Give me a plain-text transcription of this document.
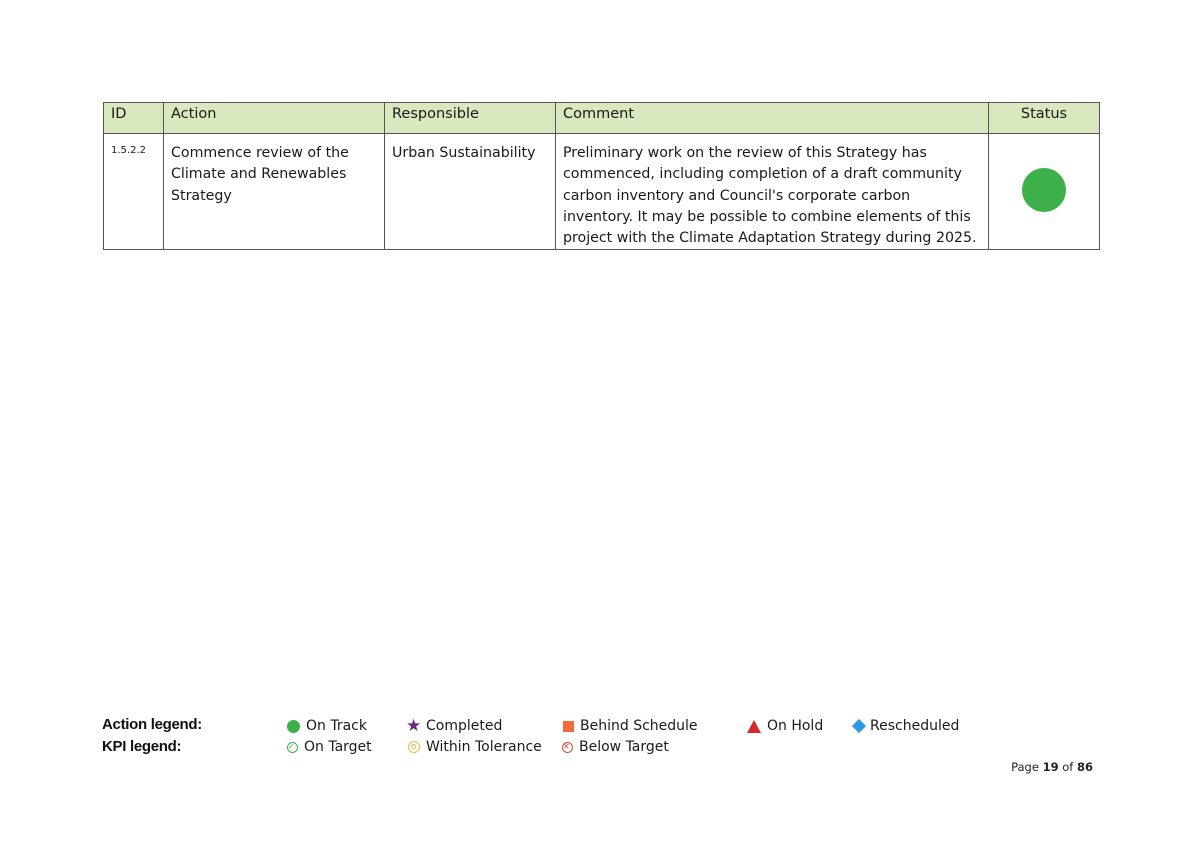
ID	Action	Responsible	Comment	Status
1.5.2.2	Commence review of the Climate and Renewables Strategy	Urban Sustainability	Preliminary work on the review of this Strategy has commenced, including completion of a draft community carbon inventory and Council's corporate carbon inventory. It may be possible to combine elements of this project with the Climate Adaptation Strategy during 2025.	
Action legend:
KPI legend:
On Track ★ Completed	Behind Schedule	On Hold	Rescheduled
✓ On Target	Within Tolerance	✕ Below Target
Page 19 of 86
